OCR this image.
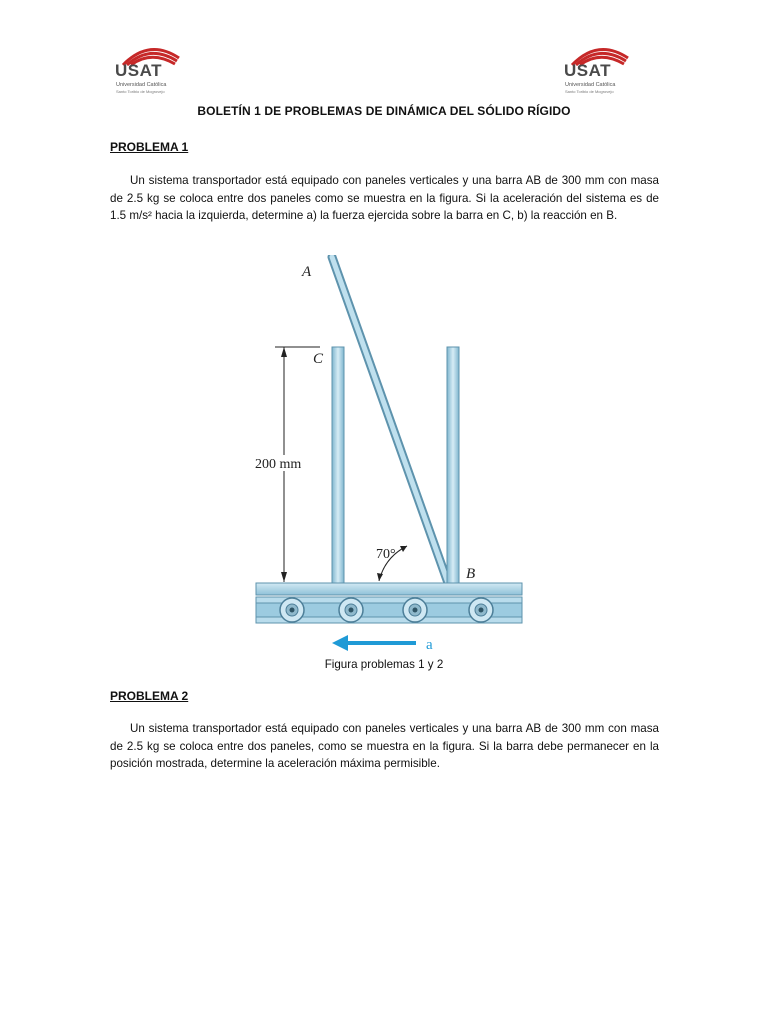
USAT
Universidad Católica
Santo Toribio de Mogrovejo
USAT
Universidad Católica
Santo Toribio de Mogrovejo
BOLETÍN 1 DE PROBLEMAS DE DINÁMICA DEL SÓLIDO RÍGIDO
PROBLEMA 1

Un sistema transportador está equipado con paneles verticales y una barra AB de 300 mm con masa de 2.5 kg se coloca entre dos paneles como se muestra en la figura. Si la aceleración del sistema es de 1.5 m/s² hacia la izquierda, determine a) la fuerza ejercida sobre la barra en C, b) la reacción en B.

200 mm
70°
A
C
B
a
Figura problemas 1 y 2
PROBLEMA 2

Un sistema transportador está equipado con paneles verticales y una barra AB de 300 mm con masa de 2.5 kg se coloca entre dos paneles, como se muestra en la figura. Si la barra debe permanecer en la posición mostrada, determine la aceleración máxima permisible.
